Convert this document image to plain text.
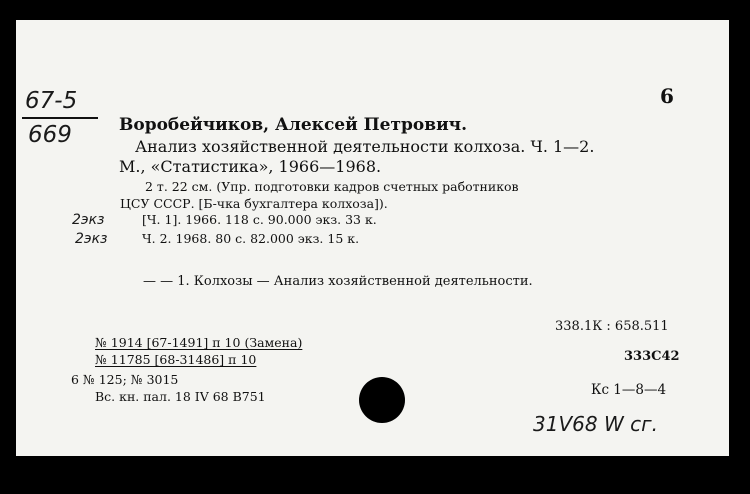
67-5
669
6
Воробейчиков, Алексей Петрович.
Анализ хозяйственной деятельности колхоза. Ч. 1—2.
М., «Статистика», 1966—1968.
2 т. 22 см. (Упр. подготовки кадров счетных работников
ЦСУ СССР. [Б-чка бухгалтера колхоза]).
2экз	[Ч. 1]. 1966. 118 с. 90.000 экз. 33 к.
2экз	Ч. 2. 1968. 80 с. 82.000 экз. 15 к.
— — 1. Колхозы — Анализ хозяйственной деятельности.
338.1К : 658.511
№ 1914 [67-1491] п 10 (Замена)
№ 11785 [68-31486] п 10	333С42
6 № 125; № 3015
Вс. кн. пал. 18 IV 68 В751	Кс 1—8—4
31V68 W сг.
